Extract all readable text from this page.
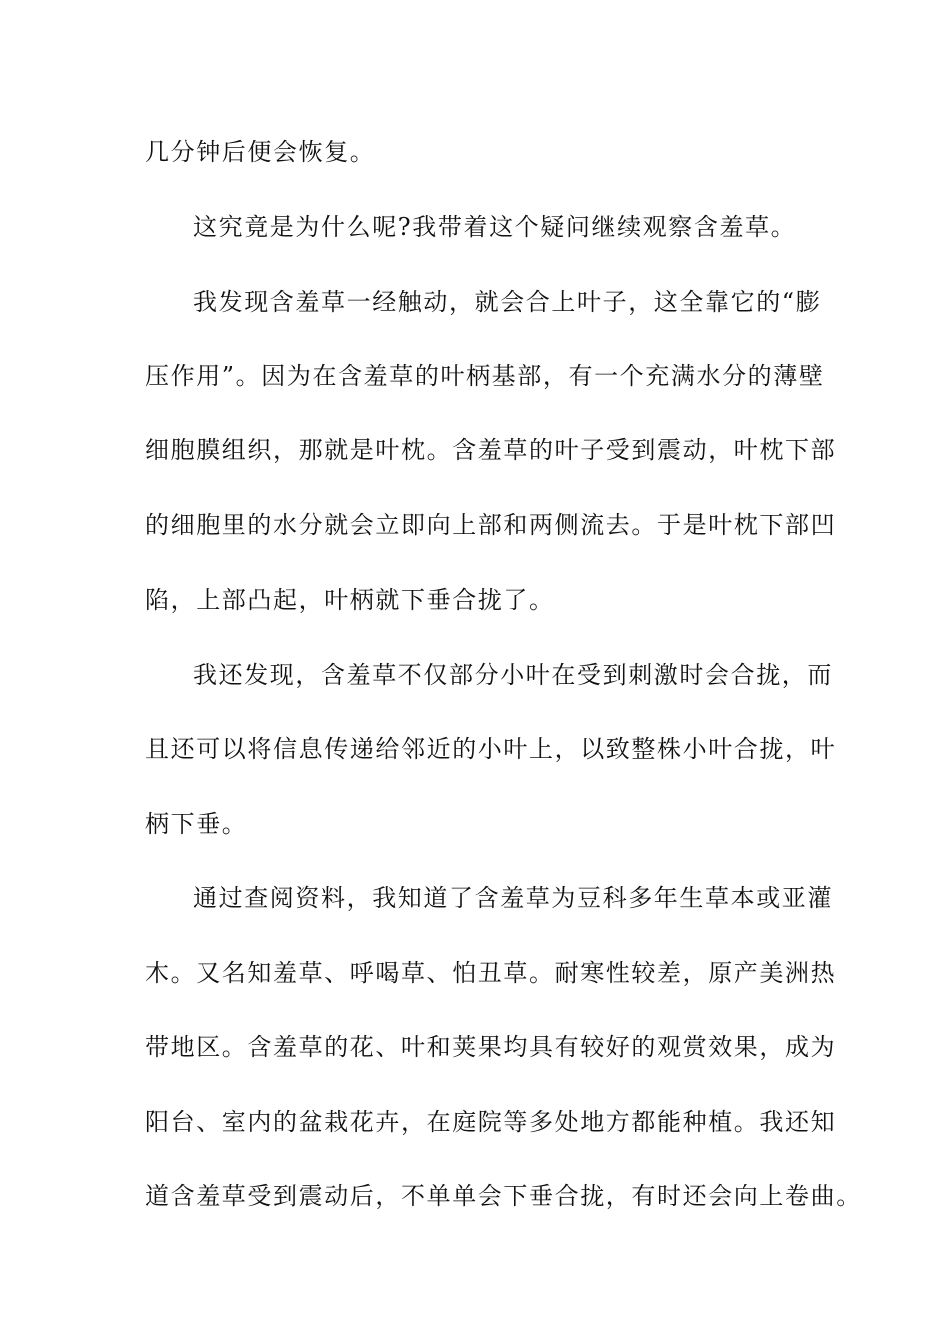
几分钟后便会恢复。
这究竟是为什么呢?我带着这个疑问继续观察含羞草。
我发现含羞草一经触动，就会合上叶子，这全靠它的“膨
压作用”。因为在含羞草的叶柄基部，有一个充满水分的薄壁
细胞膜组织，那就是叶枕。含羞草的叶子受到震动，叶枕下部
的细胞里的水分就会立即向上部和两侧流去。于是叶枕下部凹
陷，上部凸起，叶柄就下垂合拢了。
我还发现，含羞草不仅部分小叶在受到刺激时会合拢，而
且还可以将信息传递给邻近的小叶上，以致整株小叶合拢，叶
柄下垂。
通过查阅资料，我知道了含羞草为豆科多年生草本或亚灌
木。又名知羞草、呼喝草、怕丑草。耐寒性较差，原产美洲热
带地区。含羞草的花、叶和荚果均具有较好的观赏效果，成为
阳台、室内的盆栽花卉，在庭院等多处地方都能种植。我还知
道含羞草受到震动后，不单单会下垂合拢，有时还会向上卷曲。
